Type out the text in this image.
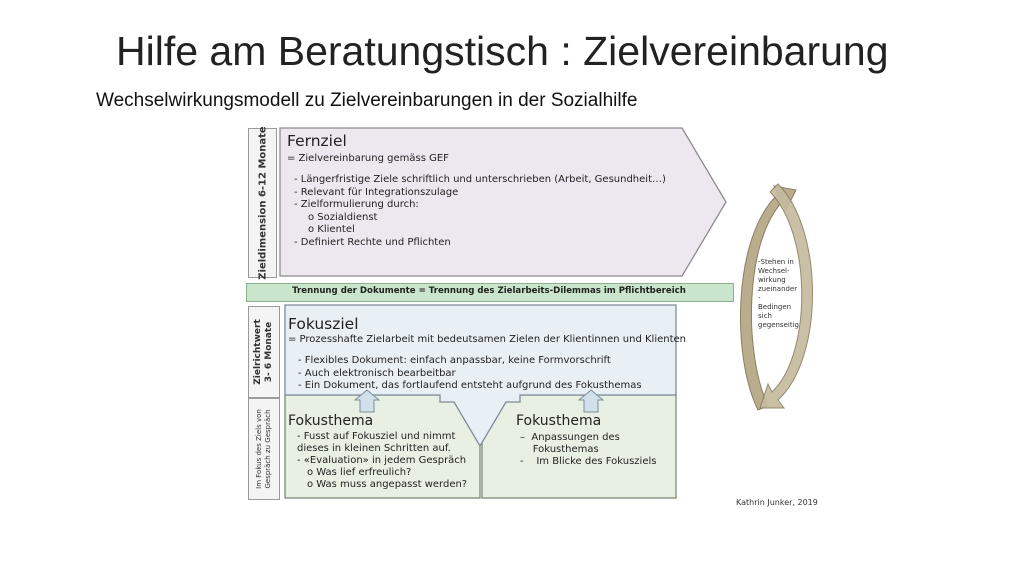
Hilfe am Beratungstisch : Zielvereinbarung
Wechselwirkungsmodell zu Zielvereinbarungen in der Sozialhilfe
Zieldimension 6-12 Monate Fernziel
= Zielvereinbarung gemäss GEF
- Längerfristige Ziele schriftlich und unterschrieben (Arbeit, Gesundheit…)
- Relevant für Integrationszulage
- Zielformulierung durch:
o Sozialdienst
o Klientel
- Definiert Rechte und Pflichten
Trennung der Dokumente = Trennung des Zielarbeits-Dilemmas im Pflichtbereich
Zielrichtwert 3- 6 Monate
Im Fokus des Ziels von Gespräch zu Gespräch
Fokusziel
= Prozesshafte Zielarbeit mit bedeutsamen Zielen der Klientinnen und Klienten
- Flexibles Dokument: einfach anpassbar, keine Formvorschrift
- Auch elektronisch bearbeitbar
- Ein Dokument, das fortlaufend entsteht aufgrund des Fokusthemas
Fokusthema
- Fusst auf Fokusziel und nimmt
dieses in kleinen Schritten auf.
- «Evaluation» in jedem Gespräch
o Was lief erfreulich?
o Was muss angepasst werden?
Fokusthema
–  Anpassungen des
Fokusthemas
-    Im Blicke des Fokusziels
-Stehen in
Wechsel-
wirkung
zueinander
-
Bedingen
sich
gegenseitig
Kathrin Junker, 2019
